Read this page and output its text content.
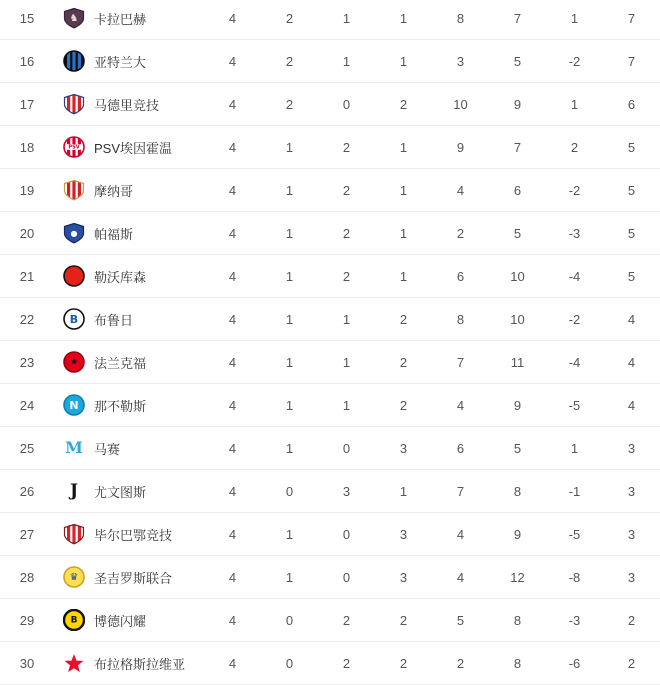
15	♞ 卡拉巴赫	4	2	1	1	8	7	1	7
16	亚特兰大	4	2	1	1	3	5	-2	7
17	马德里竞技	4	2	0	2	10	9	1	6
18	PSV PSV埃因霍温	4	1	2	1	9	7	2	5
19	摩纳哥	4	1	2	1	4	6	-2	5
20	● 帕福斯	4	1	2	1	2	5	-3	5
21	勒沃库森	4	1	2	1	6	10	-4	5
22	B 布鲁日	4	1	1	2	8	10	-2	4
23	★ 法兰克福	4	1	1	2	7	11	-4	4
24	N 那不勒斯	4	1	1	2	4	9	-5	4
25	M 马赛	4	1	0	3	6	5	1	3
26	J 尤文图斯	4	0	3	1	7	8	-1	3
27	毕尔巴鄂竞技	4	1	0	3	4	9	-5	3
28	♛ 圣吉罗斯联合	4	1	0	3	4	12	-8	3
29	B 博德闪耀	4	0	2	2	5	8	-3	2
30	布拉格斯拉维亚	4	0	2	2	2	8	-6	2
